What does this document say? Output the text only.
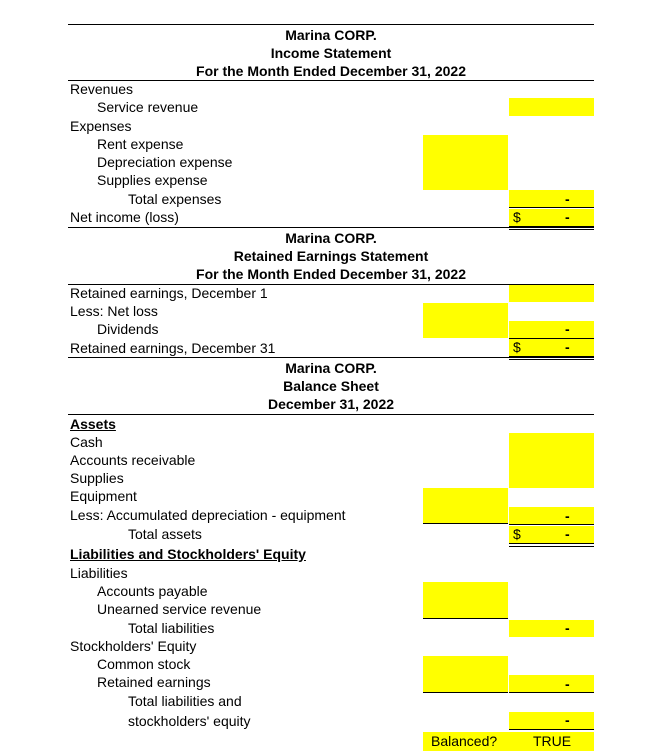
Marina CORP.
Income Statement
For the Month Ended December 31, 2022
Revenues
Service revenue
Expenses
Rent expense
Depreciation expense
Supplies expense
Total expenses	-
Net income (loss)	$	-
Marina CORP.
Retained Earnings Statement
For the Month Ended December 31, 2022
Retained earnings, December 1
Less: Net loss
Dividends	-
Retained earnings, December 31	$	-
Marina CORP.
Balance Sheet
December 31, 2022
Assets
Cash
Accounts receivable
Supplies
Equipment
Less: Accumulated depreciation - equipment	-
Total assets	$	-
Liabilities and Stockholders' Equity
Liabilities
Accounts payable
Unearned service revenue
Total liabilities	-
Stockholders' Equity
Common stock
Retained earnings	-
Total liabilities and
stockholders' equity	-
Balanced?	TRUE
